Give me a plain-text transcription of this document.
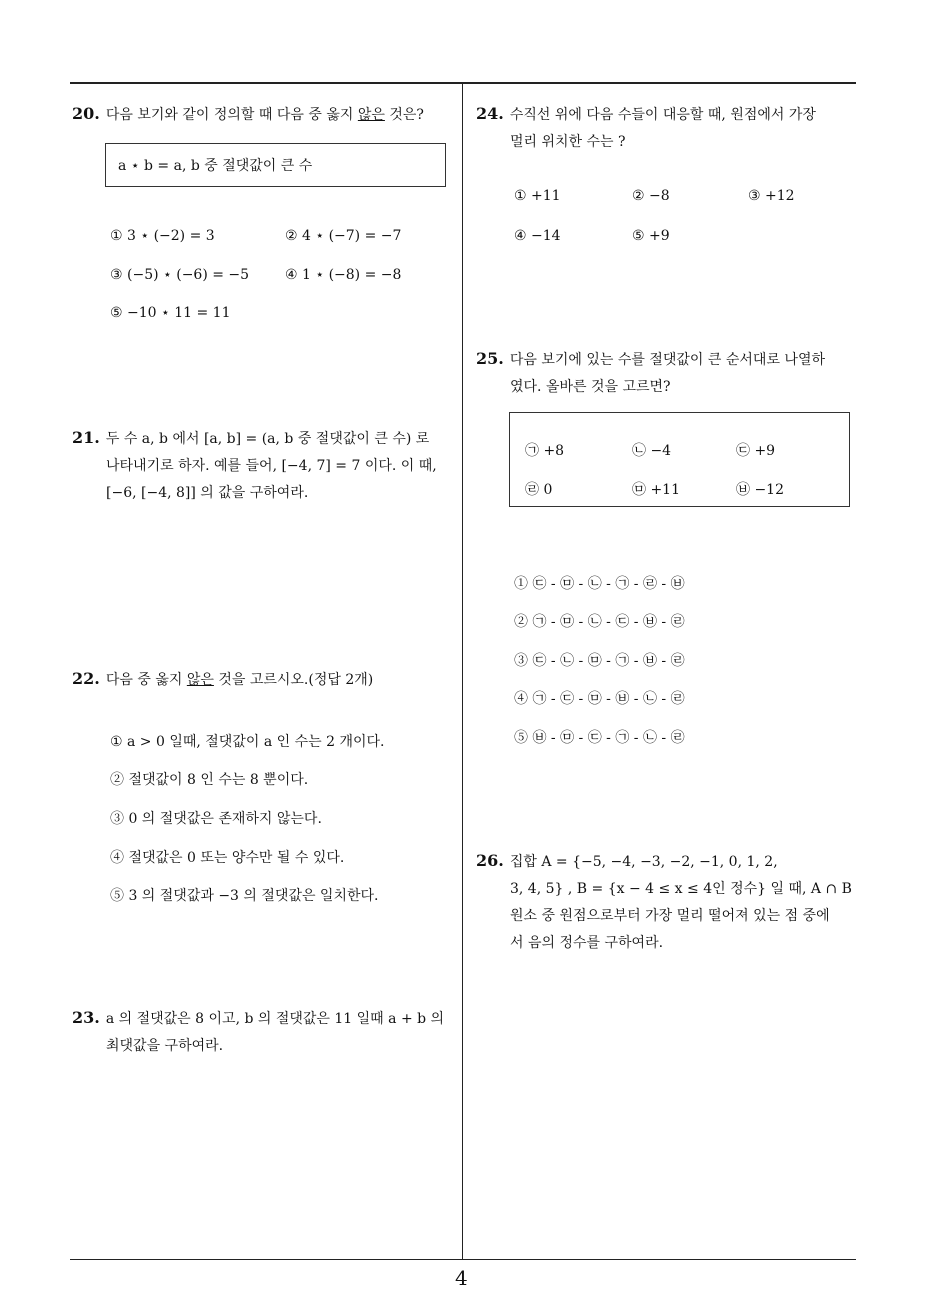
20. 다음 보기와 같이 정의할 때 다음 중 옳지 않은 것은?
a ⋆ b = a, b 중 절댓값이 큰 수
① 3 ⋆ (−2) = 3	② 4 ⋆ (−7) = −7
③ (−5) ⋆ (−6) = −5	④ 1 ⋆ (−8) = −8
⑤ −10 ⋆ 11 = 11
21. 두 수 a, b 에서 [a, b] = (a, b 중 절댓값이 큰 수) 로
나타내기로 하자. 예를 들어, [−4, 7] = 7 이다. 이 때,
[−6, [−4, 8]] 의 값을 구하여라.
22. 다음 중 옳지 않은 것을 고르시오.(정답 2개)
① a > 0 일때, 절댓값이 a 인 수는 2 개이다.
② 절댓값이 8 인 수는 8 뿐이다.
③ 0 의 절댓값은 존재하지 않는다.
④ 절댓값은 0 또는 양수만 될 수 있다.
⑤ 3 의 절댓값과 −3 의 절댓값은 일치한다.
23. a 의 절댓값은 8 이고, b 의 절댓값은 11 일때 a + b 의
최댓값을 구하여라.
24. 수직선 위에 다음 수들이 대응할 때, 원점에서 가장
멀리 위치한 수는 ?
① +11	② −8	③ +12
④ −14	⑤ +9
25. 다음 보기에 있는 수를 절댓값이 큰 순서대로 나열하
였다. 올바른 것을 고르면?
㉠ +8	㉡ −4	㉢ +9
㉣ 0	㉤ +11	㉥ −12
① ㉢ - ㉤ - ㉡ - ㉠ - ㉣ - ㉥
② ㉠ - ㉤ - ㉡ - ㉢ - ㉥ - ㉣
③ ㉢ - ㉡ - ㉤ - ㉠ - ㉥ - ㉣
④ ㉠ - ㉢ - ㉤ - ㉥ - ㉡ - ㉣
⑤ ㉥ - ㉤ - ㉢ - ㉠ - ㉡ - ㉣
26. 집합 A = {−5, −4, −3, −2, −1, 0, 1, 2,
3, 4, 5} , B = {x − 4 ≤ x ≤ 4인 정수} 일 때, A ∩ B
원소 중 원점으로부터 가장 멀리 떨어져 있는 점 중에
서 음의 정수를 구하여라.
4
